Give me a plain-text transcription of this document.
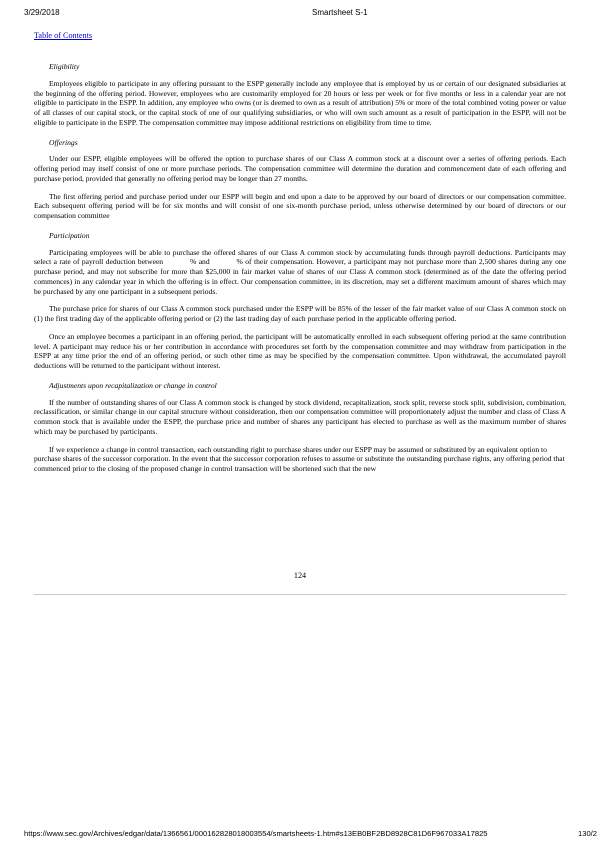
3/29/2018	Smartsheet S-1
Table of Contents
Eligibility

Employees eligible to participate in any offering pursuant to the ESPP generally include any employee that is employed by us or certain of our designated subsidiaries at the beginning of the offering period. However, employees who are customarily employed for 20 hours or less per week or for five months or less in a calendar year are not eligible to participate in the ESPP. In addition, any employee who owns (or is deemed to own as a result of attribution) 5% or more of the total combined voting power or value of all classes of our capital stock, or the capital stock of one of our qualifying subsidiaries, or who will own such amount as a result of participation in the ESPP, will not be eligible to participate in the ESPP. The compensation committee may impose additional restrictions on eligibility from time to time.

Offerings

Under our ESPP, eligible employees will be offered the option to purchase shares of our Class A common stock at a discount over a series of offering periods. Each offering period may itself consist of one or more purchase periods. The compensation committee will determine the duration and commencement date of each offering and purchase period, provided that generally no offering period may be longer than 27 months.

The first offering period and purchase period under our ESPP will begin and end upon a date to be approved by our board of directors or our compensation committee. Each subsequent offering period will be for six months and will consist of one six-month purchase period, unless otherwise determined by our board of directors or our compensation committee

Participation

Participating employees will be able to purchase the offered shares of our Class A common stock by accumulating funds through payroll deductions. Participants may select a rate of payroll deduction between           % and           % of their compensation. However, a participant may not purchase more than 2,500 shares during any one purchase period, and may not subscribe for more than $25,000 in fair market value of shares of our Class A common stock (determined as of the date the offering period commences) in any calendar year in which the offering is in effect. Our compensation committee, in its discretion, may set a different maximum amount of shares which may be purchased by any one participant in a subsequent periods.

The purchase price for shares of our Class A common stock purchased under the ESPP will be 85% of the lesser of the fair market value of our Class A common stock on (1) the first trading day of the applicable offering period or (2) the last trading day of each purchase period in the applicable offering period.

Once an employee becomes a participant in an offering period, the participant will be automatically enrolled in each subsequent offering period at the same contribution level. A participant may reduce his or her contribution in accordance with procedures set forth by the compensation committee and may withdraw from participation in the ESPP at any time prior the end of an offering period, or such other time as may be specified by the compensation committee. Upon withdrawal, the accumulated payroll deductions will be returned to the participant without interest.

Adjustments upon recapitalization or change in control

If the number of outstanding shares of our Class A common stock is changed by stock dividend, recapitalization, stock split, reverse stock split, subdivision, combination, reclassification, or similar change in our capital structure without consideration, then our compensation committee will proportionately adjust the number and class of Class A common stock that is available under the ESPP, the purchase price and number of shares any participant has elected to purchase as well as the maximum number of shares which may be purchased by participants.

If we experience a change in control transaction, each outstanding right to purchase shares under our ESPP may be assumed or substituted by an equivalent option to purchase shares of the successor corporation. In the event that the successor corporation refuses to assume or substitute the outstanding purchase rights, any offering period that commenced prior to the closing of the proposed change in control transaction will be shortened such that the new

124
https://www.sec.gov/Archives/edgar/data/1366561/000162828018003554/smartsheets-1.htm#s13EB0BF2BD8928C81D6F967033A17825	130/2
